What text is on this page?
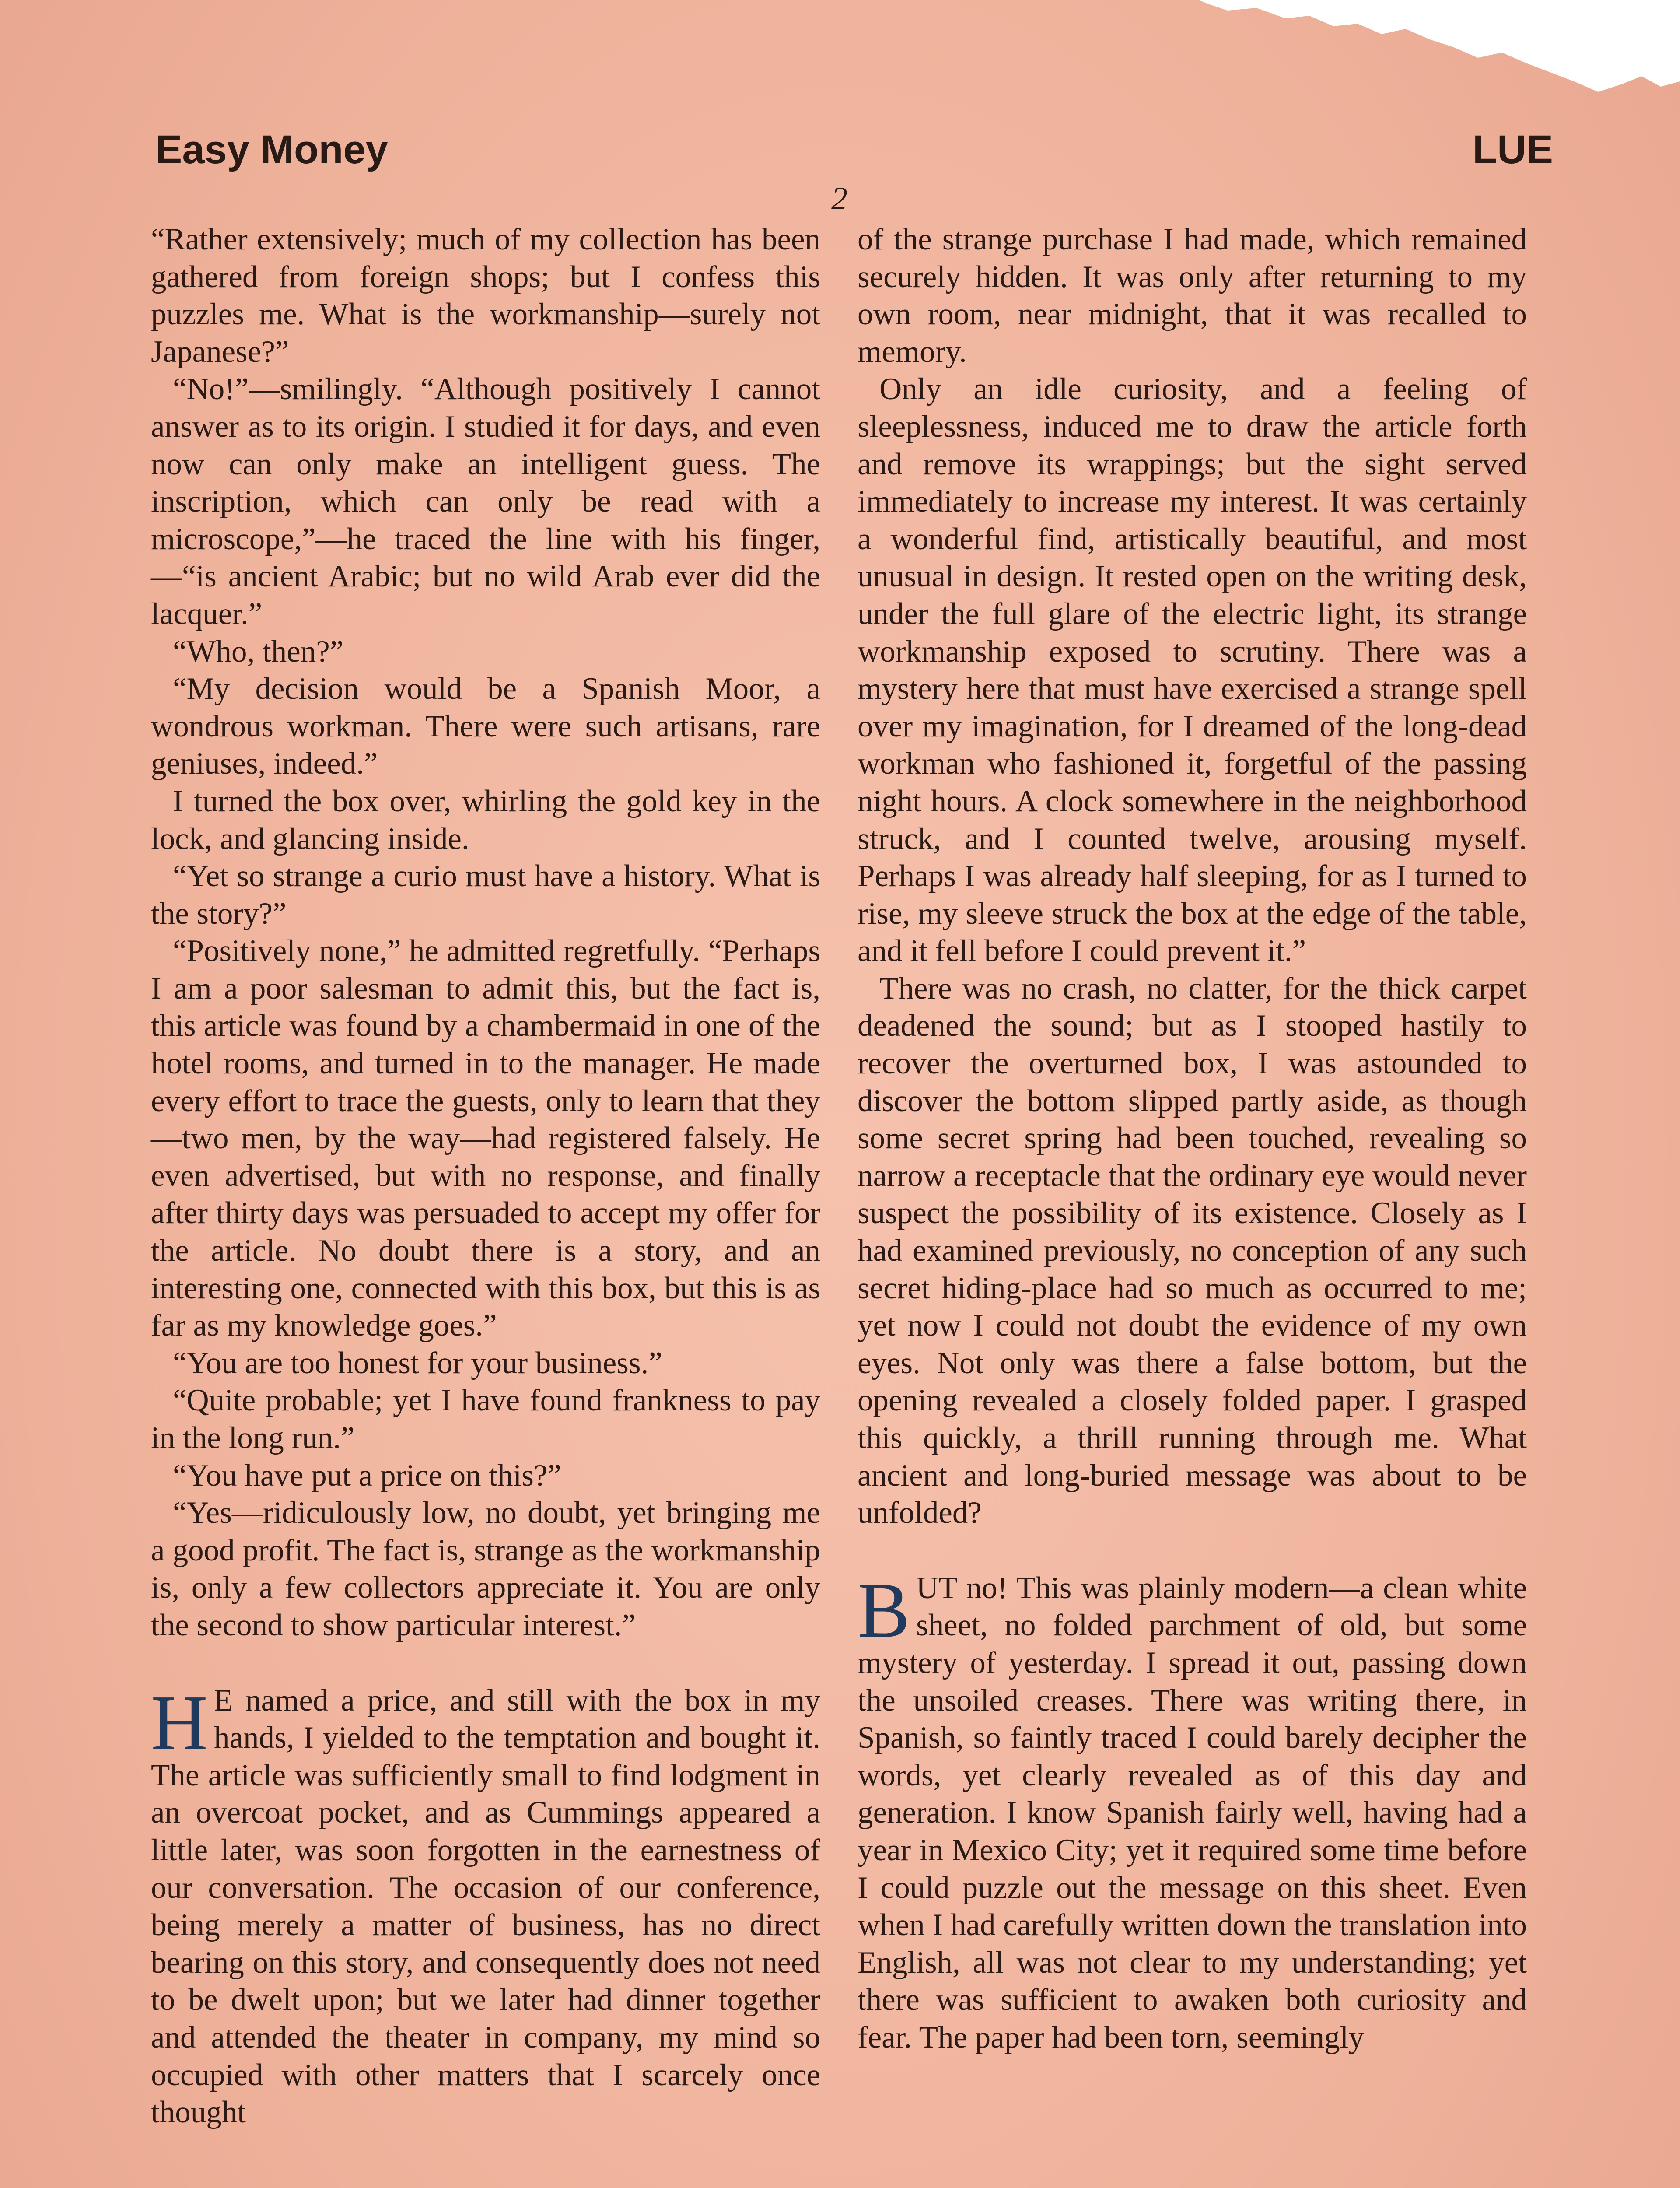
Easy Money	LUE
2

“Rather extensively; much of my collection has been gathered from foreign shops; but I confess this puzzles me. What is the workmanship—surely not Japanese?”

“No!”—smilingly. “Although positively I cannot answer as to its origin. I studied it for days, and even now can only make an intelligent guess. The inscription, which can only be read with a microscope,”—he traced the line with his finger,—“is ancient Arabic; but no wild Arab ever did the lacquer.”

“Who, then?”

“My decision would be a Spanish Moor, a wondrous workman. There were such artisans, rare geniuses, indeed.”

I turned the box over, whirling the gold key in the lock, and glancing inside.

“Yet so strange a curio must have a history. What is the story?”

“Positively none,” he admitted regretfully. “Perhaps I am a poor salesman to admit this, but the fact is, this article was found by a chambermaid in one of the hotel rooms, and turned in to the manager. He made every effort to trace the guests, only to learn that they—two men, by the way—had registered falsely. He even advertised, but with no response, and finally after thirty days was persuaded to accept my offer for the article. No doubt there is a story, and an interesting one, connected with this box, but this is as far as my knowledge goes.”

“You are too honest for your business.”

“Quite probable; yet I have found frankness to pay in the long run.”

“You have put a price on this?”

“Yes—ridiculously low, no doubt, yet bringing me a good profit. The fact is, strange as the workmanship is, only a few collectors appreciate it. You are only the second to show particular interest.”

H E named a price, and still with the box in my hands, I yielded to the temptation and bought it. The article was sufficiently small to find lodgment in an overcoat pocket, and as Cummings appeared a little later, was soon forgotten in the earnestness of our conversation. The occasion of our conference, being merely a matter of business, has no direct bearing on this story, and consequently does not need to be dwelt upon; but we later had dinner together and attended the theater in company, my mind so occupied with other matters that I scarcely once thought

of the strange purchase I had made, which remained securely hidden. It was only after returning to my own room, near midnight, that it was recalled to memory.

Only an idle curiosity, and a feeling of sleeplessness, induced me to draw the article forth and remove its wrappings; but the sight served immediately to increase my interest. It was certainly a wonderful find, artistically beautiful, and most unusual in design. It rested open on the writing desk, under the full glare of the electric light, its strange workmanship exposed to scrutiny. There was a mystery here that must have exercised a strange spell over my imagination, for I dreamed of the long-dead workman who fashioned it, forgetful of the passing night hours. A clock somewhere in the neighborhood struck, and I counted twelve, arousing myself. Perhaps I was already half sleeping, for as I turned to rise, my sleeve struck the box at the edge of the table, and it fell before I could prevent it.”

There was no crash, no clatter, for the thick carpet deadened the sound; but as I stooped hastily to recover the overturned box, I was astounded to discover the bottom slipped partly aside, as though some secret spring had been touched, revealing so narrow a receptacle that the ordinary eye would never suspect the possibility of its existence. Closely as I had examined previously, no conception of any such secret hiding-place had so much as occurred to me; yet now I could not doubt the evidence of my own eyes. Not only was there a false bottom, but the opening revealed a closely folded paper. I grasped this quickly, a thrill running through me. What ancient and long-buried message was about to be unfolded?

BUT no! This was plainly modern—a clean white sheet, no folded parchment of old, but some mystery of yesterday. I spread it out, passing down the unsoiled creases. There was writing there, in Spanish, so faintly traced I could barely decipher the words, yet clearly revealed as of this day and generation. I know Spanish fairly well, having had a year in Mexico City; yet it required some time before I could puzzle out the message on this sheet. Even when I had carefully written down the translation into English, all was not clear to my understanding; yet there was sufficient to awaken both curiosity and fear. The paper had been torn, seemingly
